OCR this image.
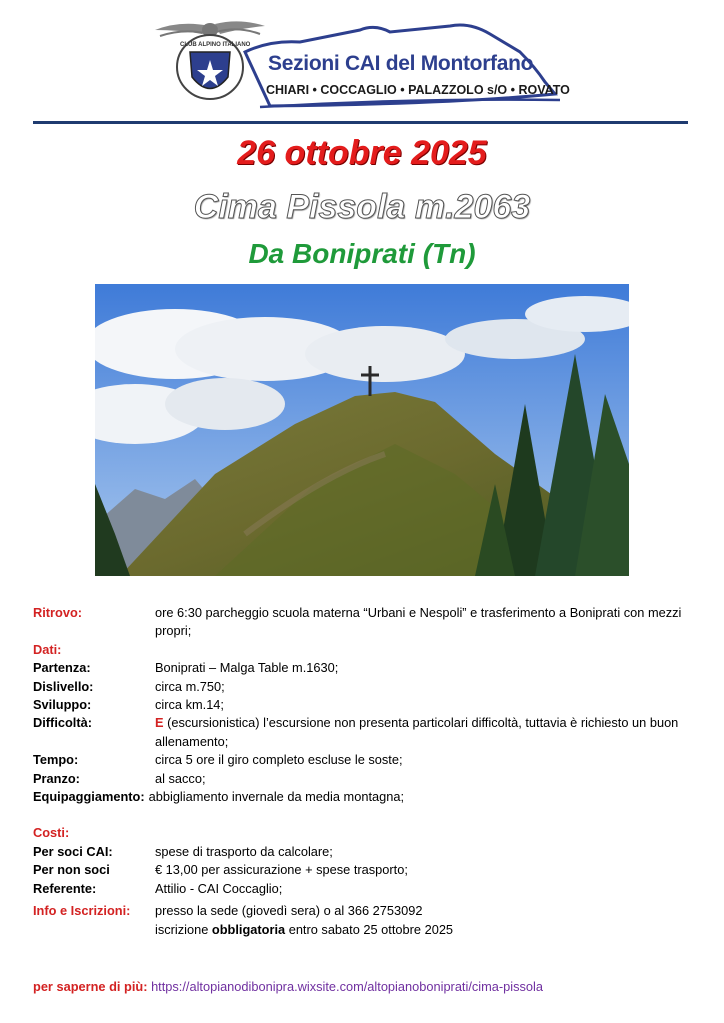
CLUB ALPINO ITALIANO
Sezioni CAI del Montorfano
CHIARI • COCCAGLIO • PALAZZOLO s/O • ROVATO
26 ottobre 2025
Cima Pissola m.2063
Da Boniprati (Tn)
Ritrovo:	ore 6:30 parcheggio scuola materna “Urbani e Nespoli” e trasferimento a Boniprati con mezzi propri;
Dati:
Partenza:	Boniprati – Malga Table m.1630;
Dislivello:	circa m.750;
Sviluppo:	circa km.14;
Difficoltà:	E (escursionistica) l’escursione non presenta particolari difficoltà, tuttavia è richiesto un buon allenamento;
Tempo:	circa 5 ore il giro completo escluse le soste;
Pranzo:	al sacco;
Equipaggiamento: abbigliamento invernale da media montagna;
Costi:
Per soci CAI:	spese di trasporto da calcolare;
Per non soci	€ 13,00 per assicurazione + spese trasporto;
Referente:	Attilio - CAI Coccaglio;
Info e Iscrizioni:	presso la sede (giovedì sera) o al 366 2753092
iscrizione obbligatoria entro sabato 25 ottobre 2025
per saperne di più: https://altopianodibonipra.wixsite.com/altopianoboniprati/cima-pissola
